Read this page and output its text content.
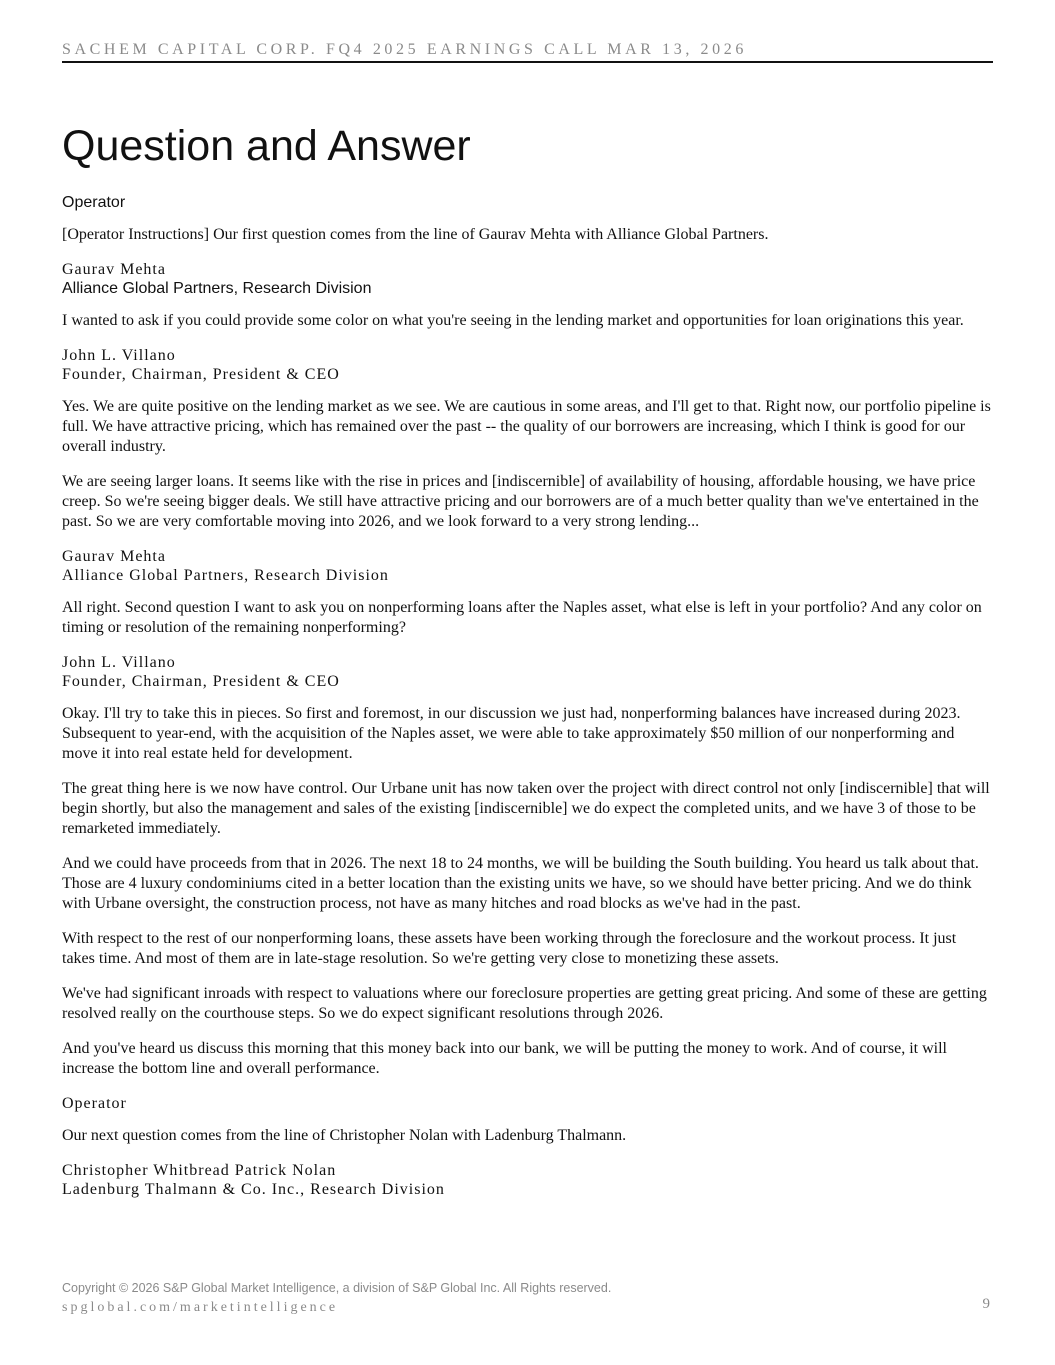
SACHEM CAPITAL CORP. FQ4 2025 EARNINGS CALL MAR 13, 2026
Question and Answer
Operator

[Operator Instructions] Our first question comes from the line of Gaurav Mehta with Alliance Global Partners.

Gaurav Mehta
Alliance Global Partners, Research Division

I wanted to ask if you could provide some color on what you're seeing in the lending market and opportunities for loan originations this year.

John L. Villano
Founder, Chairman, President & CEO

Yes. We are quite positive on the lending market as we see. We are cautious in some areas, and I'll get to that. Right now, our portfolio pipeline is full. We have attractive pricing, which has remained over the past -- the quality of our borrowers are increasing, which I think is good for our overall industry.

We are seeing larger loans. It seems like with the rise in prices and [indiscernible] of availability of housing, affordable housing, we have price creep. So we're seeing bigger deals. We still have attractive pricing and our borrowers are of a much better quality than we've entertained in the past. So we are very comfortable moving into 2026, and we look forward to a very strong lending...

Gaurav Mehta
Alliance Global Partners, Research Division

All right. Second question I want to ask you on nonperforming loans after the Naples asset, what else is left in your portfolio? And any color on timing or resolution of the remaining nonperforming?

John L. Villano
Founder, Chairman, President & CEO

Okay. I'll try to take this in pieces. So first and foremost, in our discussion we just had, nonperforming balances have increased during 2023. Subsequent to year-end, with the acquisition of the Naples asset, we were able to take approximately $50 million of our nonperforming and move it into real estate held for development.

The great thing here is we now have control. Our Urbane unit has now taken over the project with direct control not only [indiscernible] that will begin shortly, but also the management and sales of the existing [indiscernible] we do expect the completed units, and we have 3 of those to be remarketed immediately.

And we could have proceeds from that in 2026. The next 18 to 24 months, we will be building the South building. You heard us talk about that. Those are 4 luxury condominiums cited in a better location than the existing units we have, so we should have better pricing. And we do think with Urbane oversight, the construction process, not have as many hitches and road blocks as we've had in the past.

With respect to the rest of our nonperforming loans, these assets have been working through the foreclosure and the workout process. It just takes time. And most of them are in late-stage resolution. So we're getting very close to monetizing these assets.

We've had significant inroads with respect to valuations where our foreclosure properties are getting great pricing. And some of these are getting resolved really on the courthouse steps. So we do expect significant resolutions through 2026.

And you've heard us discuss this morning that this money back into our bank, we will be putting the money to work. And of course, it will increase the bottom line and overall performance.

Operator

Our next question comes from the line of Christopher Nolan with Ladenburg Thalmann.

Christopher Whitbread Patrick Nolan
Ladenburg Thalmann & Co. Inc., Research Division
Copyright © 2026 S&P Global Market Intelligence, a division of S&P Global Inc. All Rights reserved.
spglobal.com/marketintelligence	9
